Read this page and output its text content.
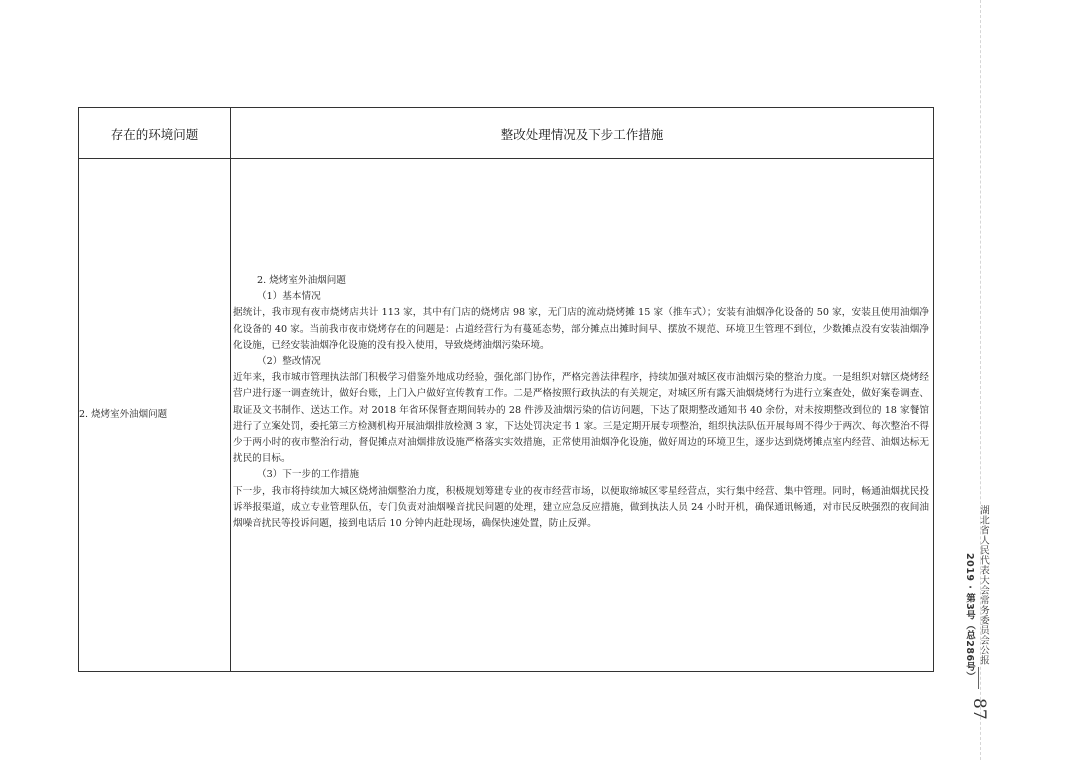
存在的环境问题	整改处理情况及下步工作措施
2. 烧烤室外油烟问题

2. 烧烤室外油烟问题

（1）基本情况

据统计，我市现有夜市烧烤店共计 113 家，其中有门店的烧烤店 98 家，无门店的流动烧烤摊 15 家（推车式）；安装有油烟净化设备的 50 家，安装且使用油烟净化设备的 40 家。当前我市夜市烧烤存在的问题是：占道经营行为有蔓延态势，部分摊点出摊时间早、摆放不规范、环境卫生管理不到位，少数摊点没有安装油烟净化设施，已经安装油烟净化设施的没有投入使用，导致烧烤油烟污染环境。

（2）整改情况

近年来，我市城市管理执法部门积极学习借鉴外地成功经验，强化部门协作，严格完善法律程序，持续加强对城区夜市油烟污染的整治力度。一是组织对辖区烧烤经营户进行逐一调查统计，做好台账，上门入户做好宣传教育工作。二是严格按照行政执法的有关规定，对城区所有露天油烟烧烤行为进行立案查处，做好案卷调查、取证及文书制作、送达工作。对 2018 年省环保督查期间转办的 28 件涉及油烟污染的信访问题，下达了限期整改通知书 40 余份，对未按期整改到位的 18 家餐馆进行了立案处罚，委托第三方检测机构开展油烟排放检测 3 家，下达处罚决定书 1 家。三是定期开展专项整治，组织执法队伍开展每周不得少于两次、每次整治不得少于两小时的夜市整治行动，督促摊点对油烟排放设施严格落实实效措施，正常使用油烟净化设施，做好周边的环境卫生，逐步达到烧烤摊点室内经营、油烟达标无扰民的目标。

（3）下一步的工作措施

下一步，我市将持续加大城区烧烤油烟整治力度，积极规划筹建专业的夜市经营市场，以便取缔城区零星经营点，实行集中经营、集中管理。同时，畅通油烟扰民投诉举报渠道，成立专业管理队伍，专门负责对油烟噪音扰民问题的处理，建立应急反应措施，做到执法人员 24 小时开机，确保通讯畅通，对市民反映强烈的夜间油烟噪音扰民等投诉问题，接到电话后 10 分钟内赶赴现场，确保快速处置，防止反弹。	湖北省人民代表大会常务委员会公报
2019 · 第3号（总286号）
87
